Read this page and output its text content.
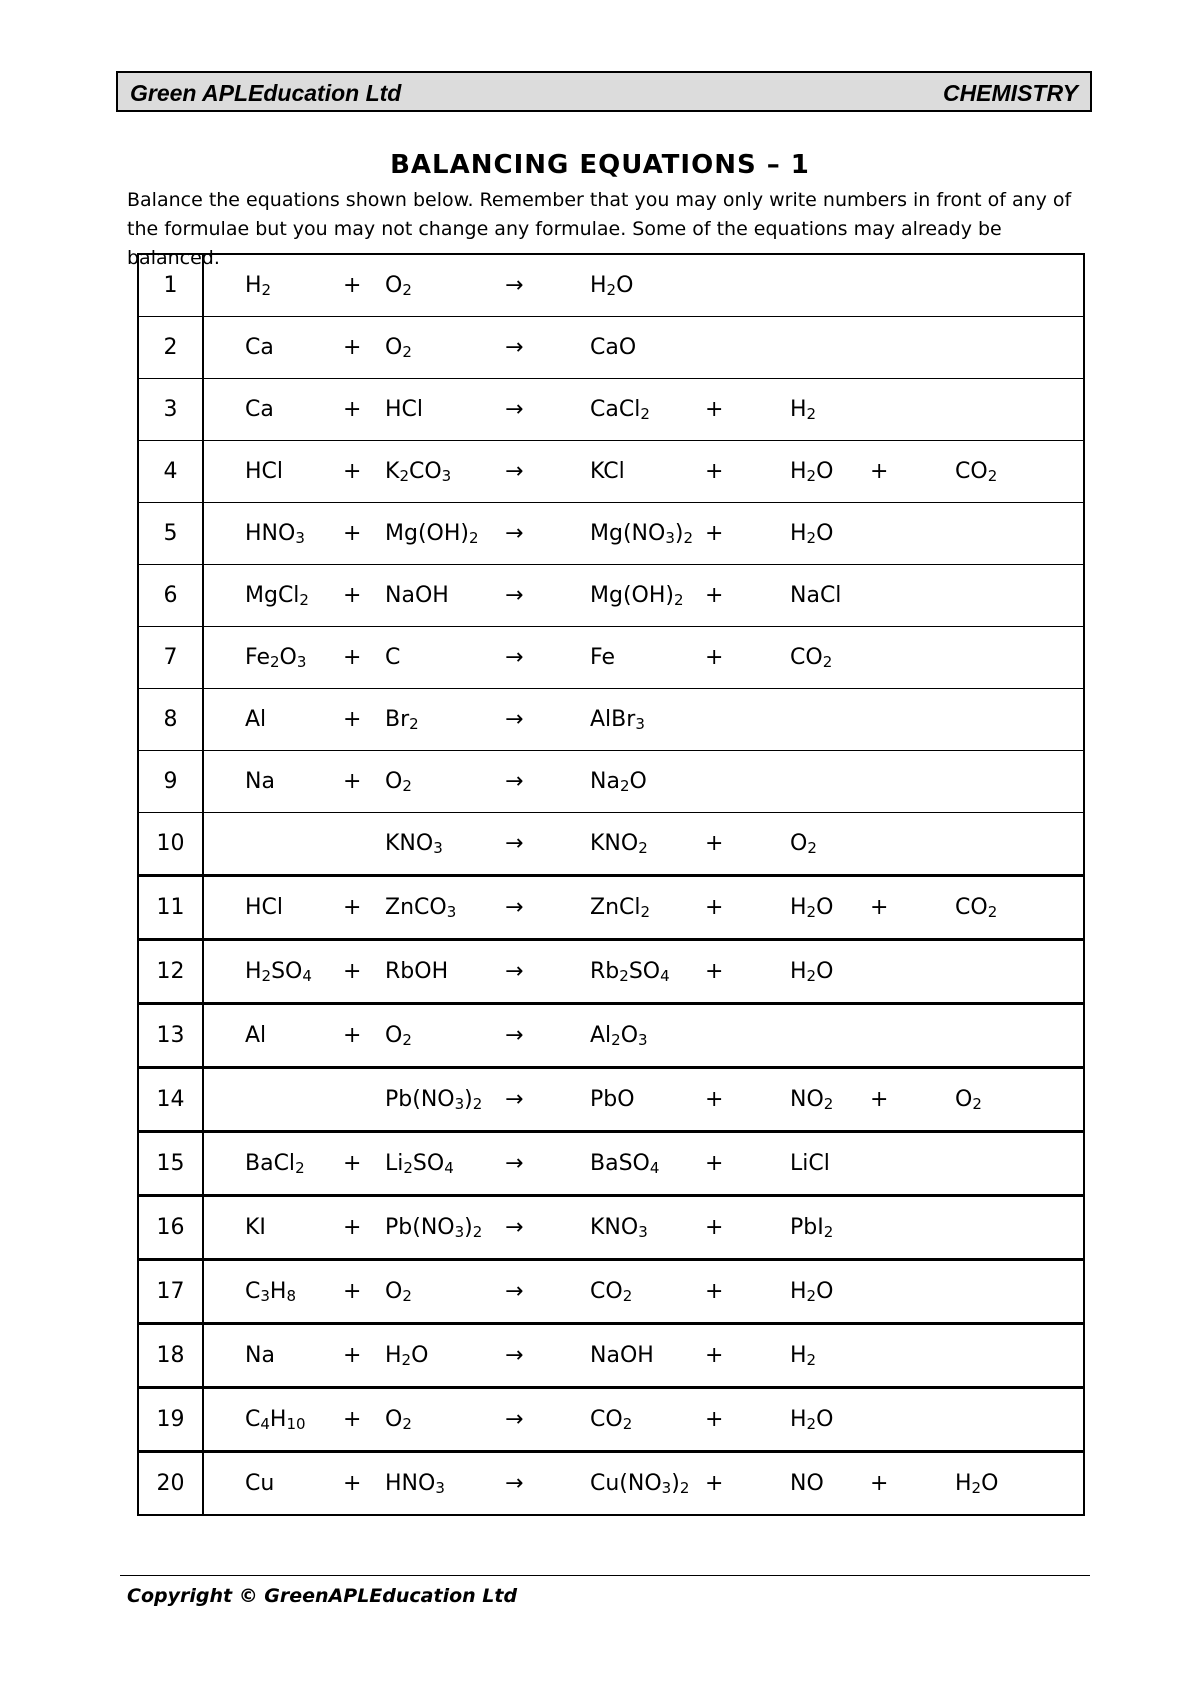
Green APLEducation Ltd	CHEMISTRY
BALANCING EQUATIONS – 1
Balance the equations shown below. Remember that you may only write numbers in front of any of the formulae but you may not change any formulae. Some of the equations may already be balanced.
1		$H_2$	+	$O_2$	→	$H_2O$				
2		Ca	+	$O_2$	→	CaO				
3		Ca	+	HCl	→	CaCl$_2$	+	$H_2$		
4		HCl	+	$K_2CO_3$	→	KCl	+	$H_2O$	+	$CO_2$
5		$HNO_3$	+	$Mg(OH)_2$	→	$Mg(NO_3)_2$	+	$H_2O$		
6		MgCl$_2$	+	NaOH	→	$Mg(OH)_2$	+	NaCl		
7		$Fe_2O_3$	+	C	→	Fe	+	$CO_2$		
8		Al	+	$Br_2$	→	AlBr$_3$				
9		Na	+	$O_2$	→	$Na_2O$				
10				$KNO_3$	→	$KNO_2$	+	$O_2$		
11		HCl	+	ZnCO$_3$	→	ZnCl$_2$	+	$H_2O$	+	$CO_2$
12		$H_2SO_4$	+	RbOH	→	$Rb_2SO_4$	+	$H_2O$		
13		Al	+	$O_2$	→	$Al_2O_3$				
14				$Pb(NO_3)_2$	→	PbO	+	$NO_2$	+	$O_2$
15		BaCl$_2$	+	$Li_2SO_4$	→	BaSO$_4$	+	LiCl		
16		KI	+	$Pb(NO_3)_2$	→	$KNO_3$	+	PbI$_2$		
17		$C_3H_8$	+	$O_2$	→	$CO_2$	+	$H_2O$		
18		Na	+	$H_2O$	→	NaOH	+	$H_2$		
19		$C_4H_{10}$	+	$O_2$	→	$CO_2$	+	$H_2O$		
20		Cu	+	$HNO_3$	→	$Cu(NO_3)_2$	+	NO	+	$H_2O$
Copyright © GreenAPLEducation Ltd
